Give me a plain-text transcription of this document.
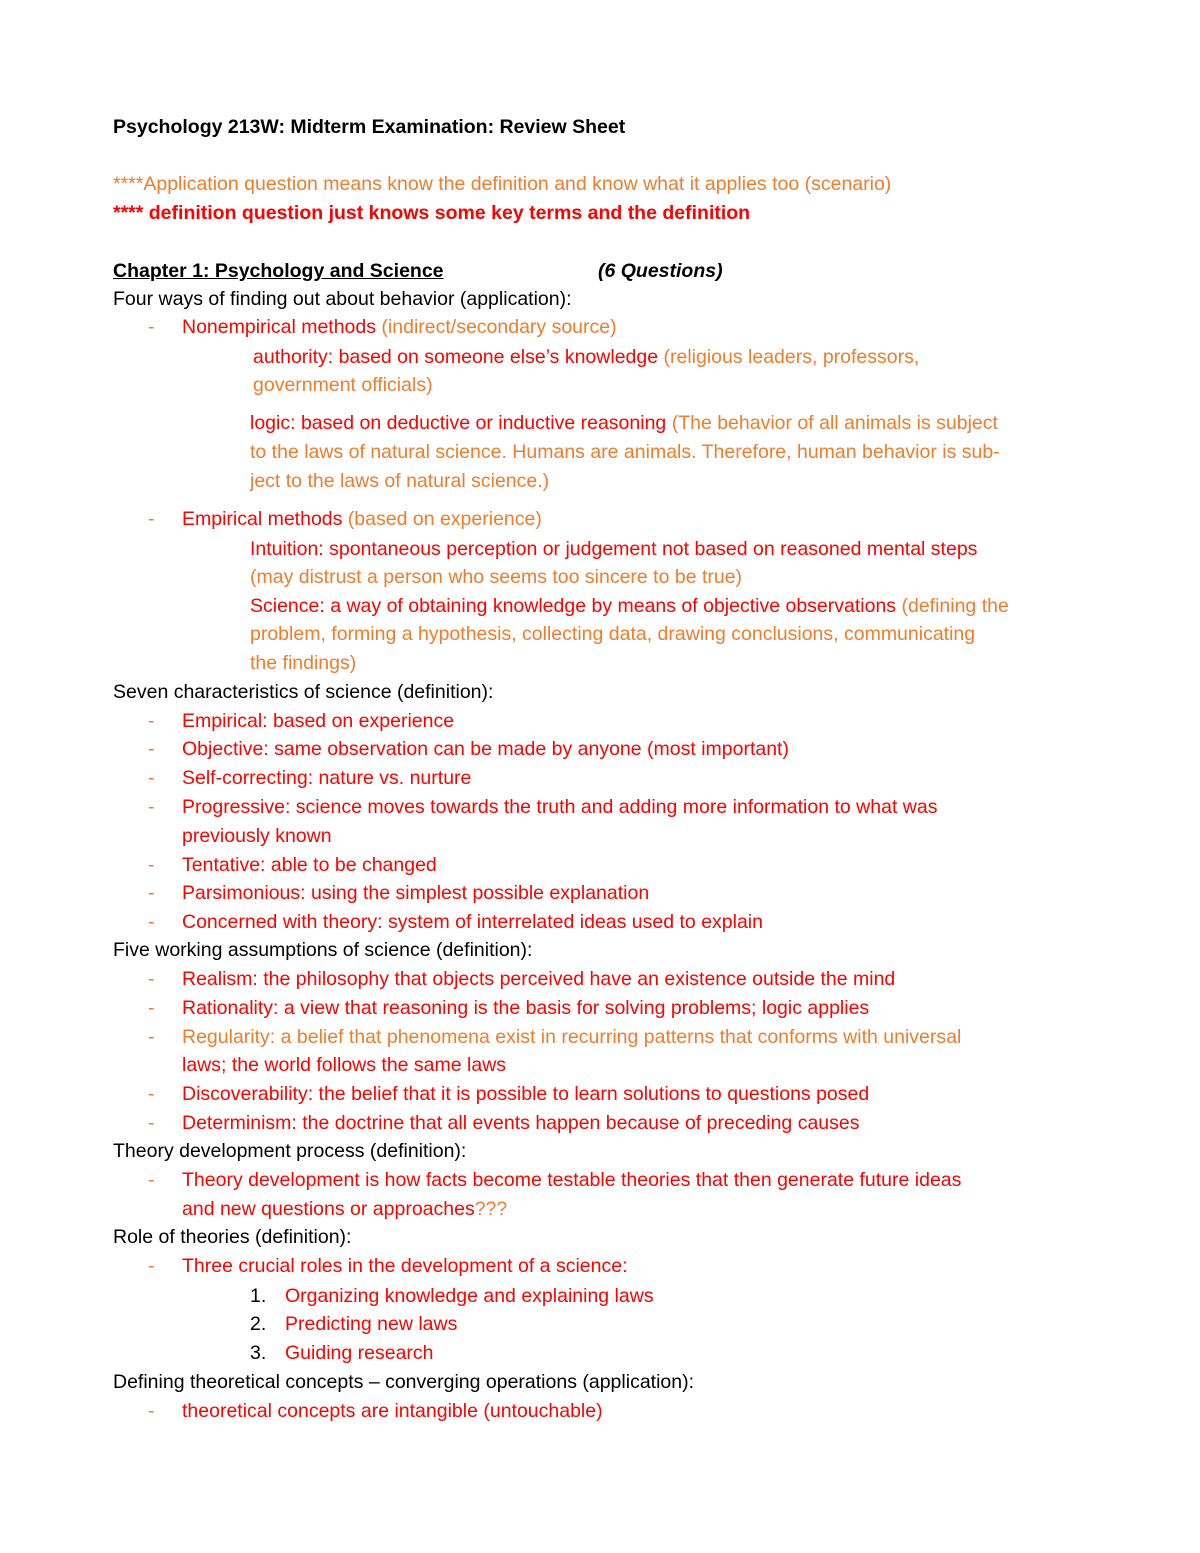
Psychology 213W: Midterm Examination: Review Sheet
****Application question means know the definition and know what it applies too (scenario)
**** definition question just knows some key terms and the definition
Chapter 1: Psychology and Science	(6 Questions)
Four ways of finding out about behavior (application):
- Nonempirical methods (indirect/secondary source)
authority: based on someone else’s knowledge (religious leaders, professors,
government officials)
logic: based on deductive or inductive reasoning (The behavior of all animals is subject
to the laws of natural science. Humans are animals. Therefore, human behavior is sub-
ject to the laws of natural science.)
- Empirical methods (based on experience)
Intuition: spontaneous perception or judgement not based on reasoned mental steps
(may distrust a person who seems too sincere to be true)
Science: a way of obtaining knowledge by means of objective observations (defining the
problem, forming a hypothesis, collecting data, drawing conclusions, communicating
the findings)
Seven characteristics of science (definition):
- Empirical: based on experience
- Objective: same observation can be made by anyone (most important)
- Self-correcting: nature vs. nurture
- Progressive: science moves towards the truth and adding more information to what was
previously known
- Tentative: able to be changed
- Parsimonious: using the simplest possible explanation
- Concerned with theory: system of interrelated ideas used to explain
Five working assumptions of science (definition):
- Realism: the philosophy that objects perceived have an existence outside the mind
- Rationality: a view that reasoning is the basis for solving problems; logic applies
- Regularity: a belief that phenomena exist in recurring patterns that conforms with universal
laws; the world follows the same laws
- Discoverability: the belief that it is possible to learn solutions to questions posed
- Determinism: the doctrine that all events happen because of preceding causes
Theory development process (definition):
- Theory development is how facts become testable theories that then generate future ideas
and new questions or approaches???
Role of theories (definition):
- Three crucial roles in the development of a science:
1. Organizing knowledge and explaining laws
2. Predicting new laws
3. Guiding research
Defining theoretical concepts – converging operations (application):
- theoretical concepts are intangible (untouchable)
